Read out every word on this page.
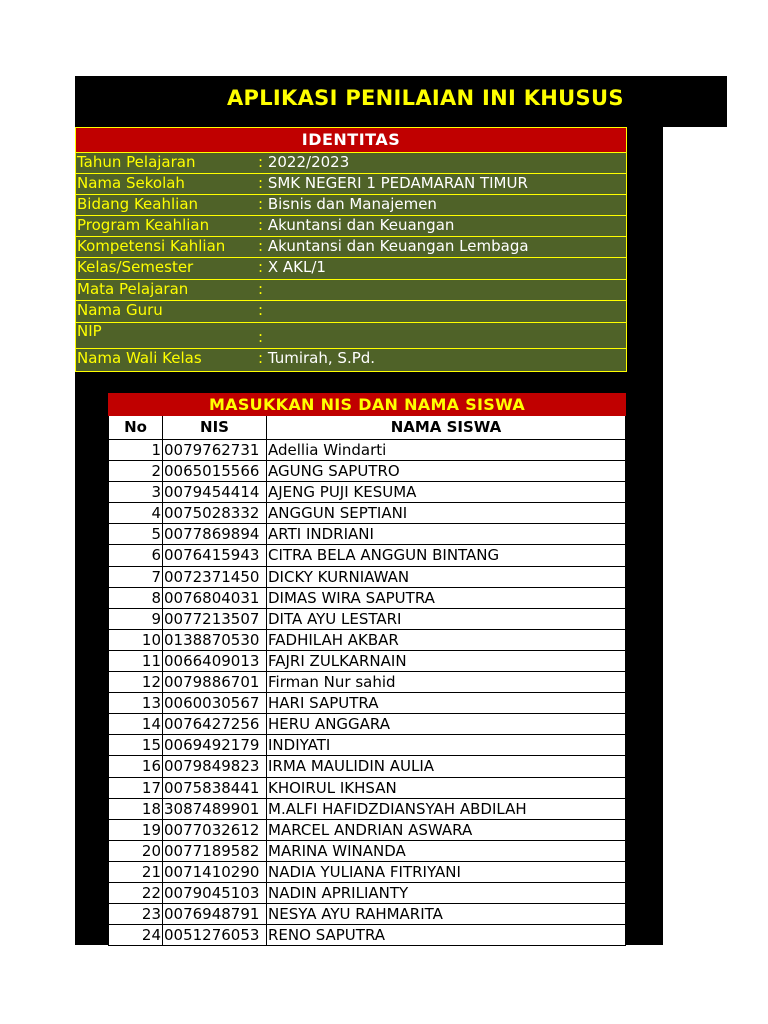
APLIKASI PENILAIAN INI KHUSUS
IDENTITAS
Tahun Pelajaran	: 2022/2023
Nama Sekolah	: SMK NEGERI 1 PEDAMARAN TIMUR
Bidang Keahlian	: Bisnis dan Manajemen
Program Keahlian	: Akuntansi dan Keuangan
Kompetensi Kahlian : Akuntansi dan Keuangan Lembaga
Kelas/Semester	: X AKL/1
Mata Pelajaran	:
Nama Guru	:
NIP	:
Nama Wali Kelas	: Tumirah, S.Pd.
MASUKKAN NIS DAN NAMA SISWA
No	NIS	NAMA SISWA
1 0079762731 Adellia Windarti
2 0065015566 AGUNG SAPUTRO
3 0079454414 AJENG PUJI KESUMA
4 0075028332 ANGGUN SEPTIANI
5 0077869894 ARTI INDRIANI
6 0076415943 CITRA BELA ANGGUN BINTANG
7 0072371450 DICKY KURNIAWAN
8 0076804031 DIMAS WIRA SAPUTRA
9 0077213507 DITA AYU LESTARI
10 0138870530 FADHILAH AKBAR
11 0066409013 FAJRI ZULKARNAIN
12 0079886701 Firman Nur sahid
13 0060030567 HARI SAPUTRA
14 0076427256 HERU ANGGARA
15 0069492179 INDIYATI
16 0079849823 IRMA MAULIDIN AULIA
17 0075838441 KHOIRUL IKHSAN
18 3087489901 M.ALFI HAFIDZDIANSYAH ABDILAH
19 0077032612 MARCEL ANDRIAN ASWARA
20 0077189582 MARINA WINANDA
21 0071410290 NADIA YULIANA FITRIYANI
22 0079045103 NADIN APRILIANTY
23 0076948791 NESYA AYU RAHMARITA
24 0051276053 RENO SAPUTRA
